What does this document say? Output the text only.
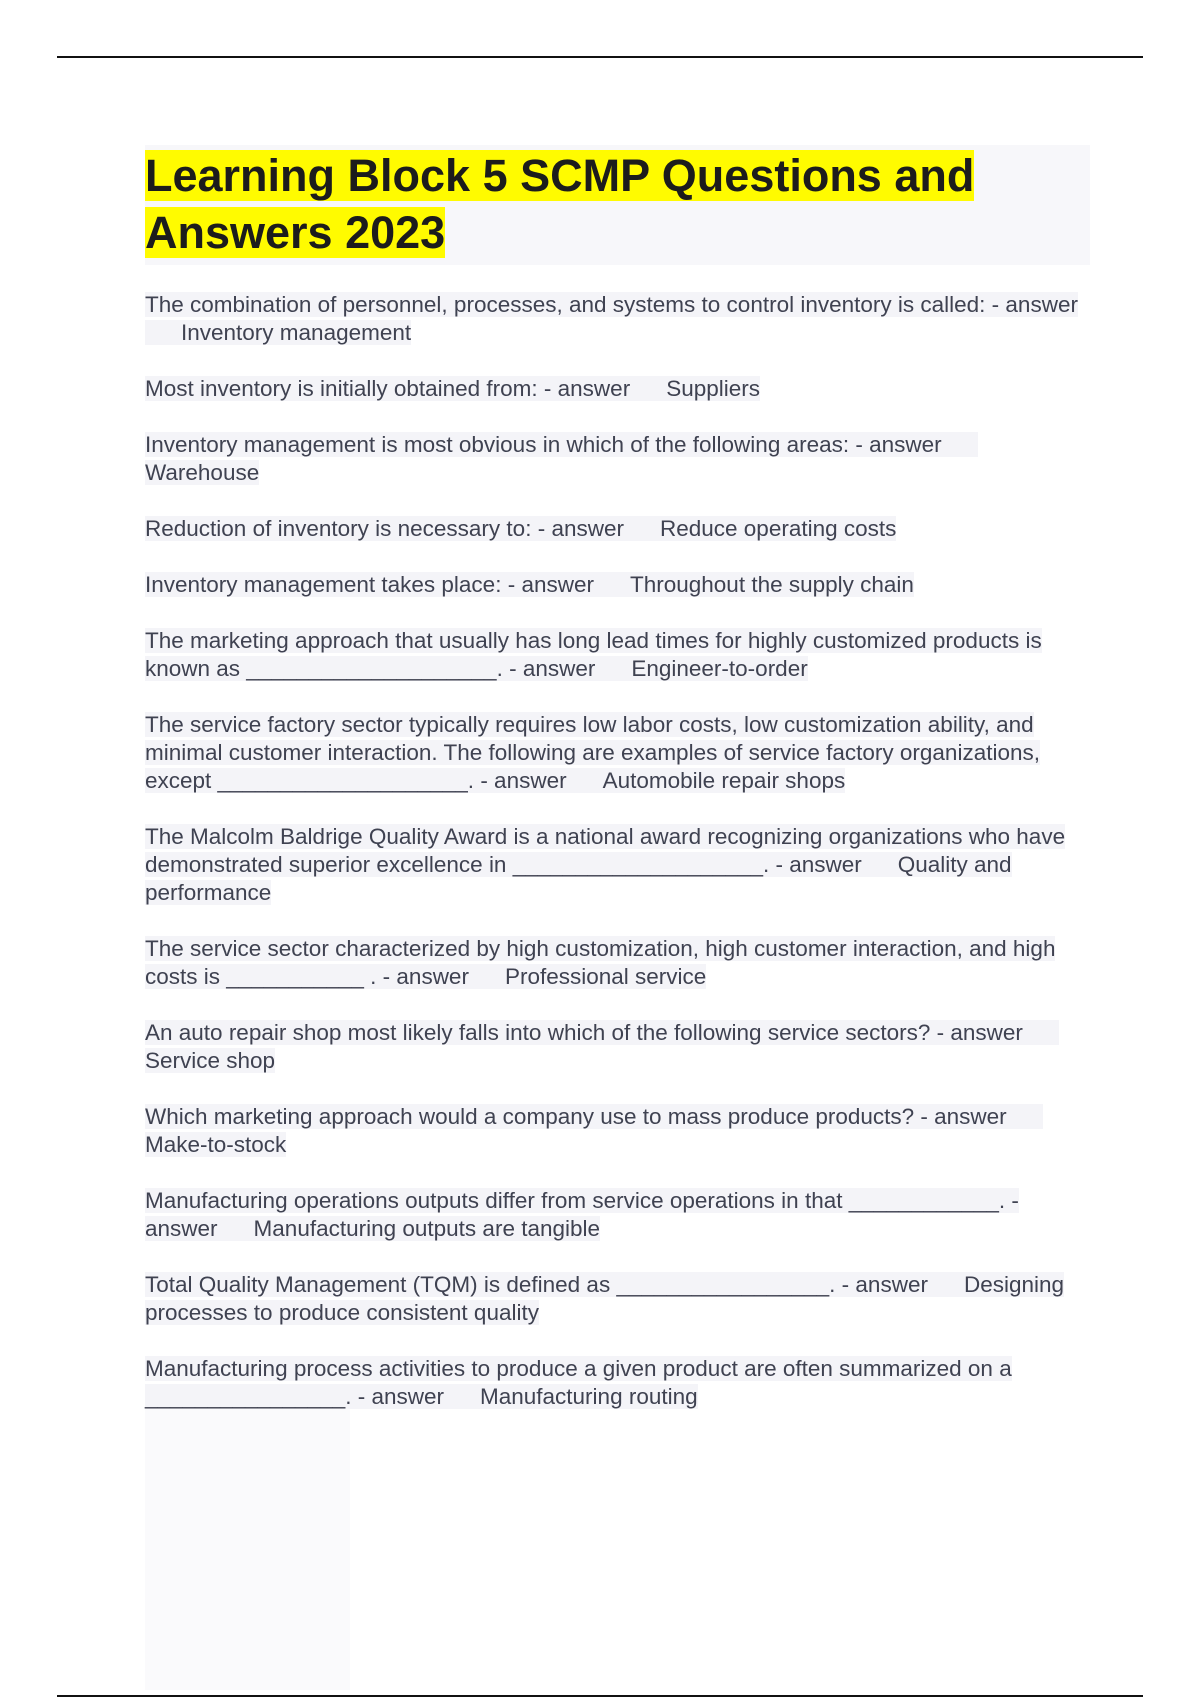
Learning Block 5 SCMP Questions and Answers 2023

The combination of personnel, processes, and systems to control inventory is called: - answerInventory management

Most inventory is initially obtained from: - answer Suppliers

Inventory management is most obvious in which of the following areas: - answerWarehouse

Reduction of inventory is necessary to: - answer Reduce operating costs

Inventory management takes place: - answer Throughout the supply chain

The marketing approach that usually has long lead times for highly customized products is known as ____________________. - answer Engineer-to-order

The service factory sector typically requires low labor costs, low customization ability, and minimal customer interaction. The following are examples of service factory organizations, except ____________________. - answer Automobile repair shops

The Malcolm Baldrige Quality Award is a national award recognizing organizations who have demonstrated superior excellence in ____________________. - answer Quality and performance

The service sector characterized by high customization, high customer interaction, and high costs is ___________ . - answer Professional service

An auto repair shop most likely falls into which of the following service sectors? - answerService shop

Which marketing approach would a company use to mass produce products? - answerMake-to-stock

Manufacturing operations outputs differ from service operations in that ____________. - answer Manufacturing outputs are tangible

Total Quality Management (TQM) is defined as _________________. - answer Designing processes to produce consistent quality

Manufacturing process activities to produce a given product are often summarized on a ________________. - answer Manufacturing routing
